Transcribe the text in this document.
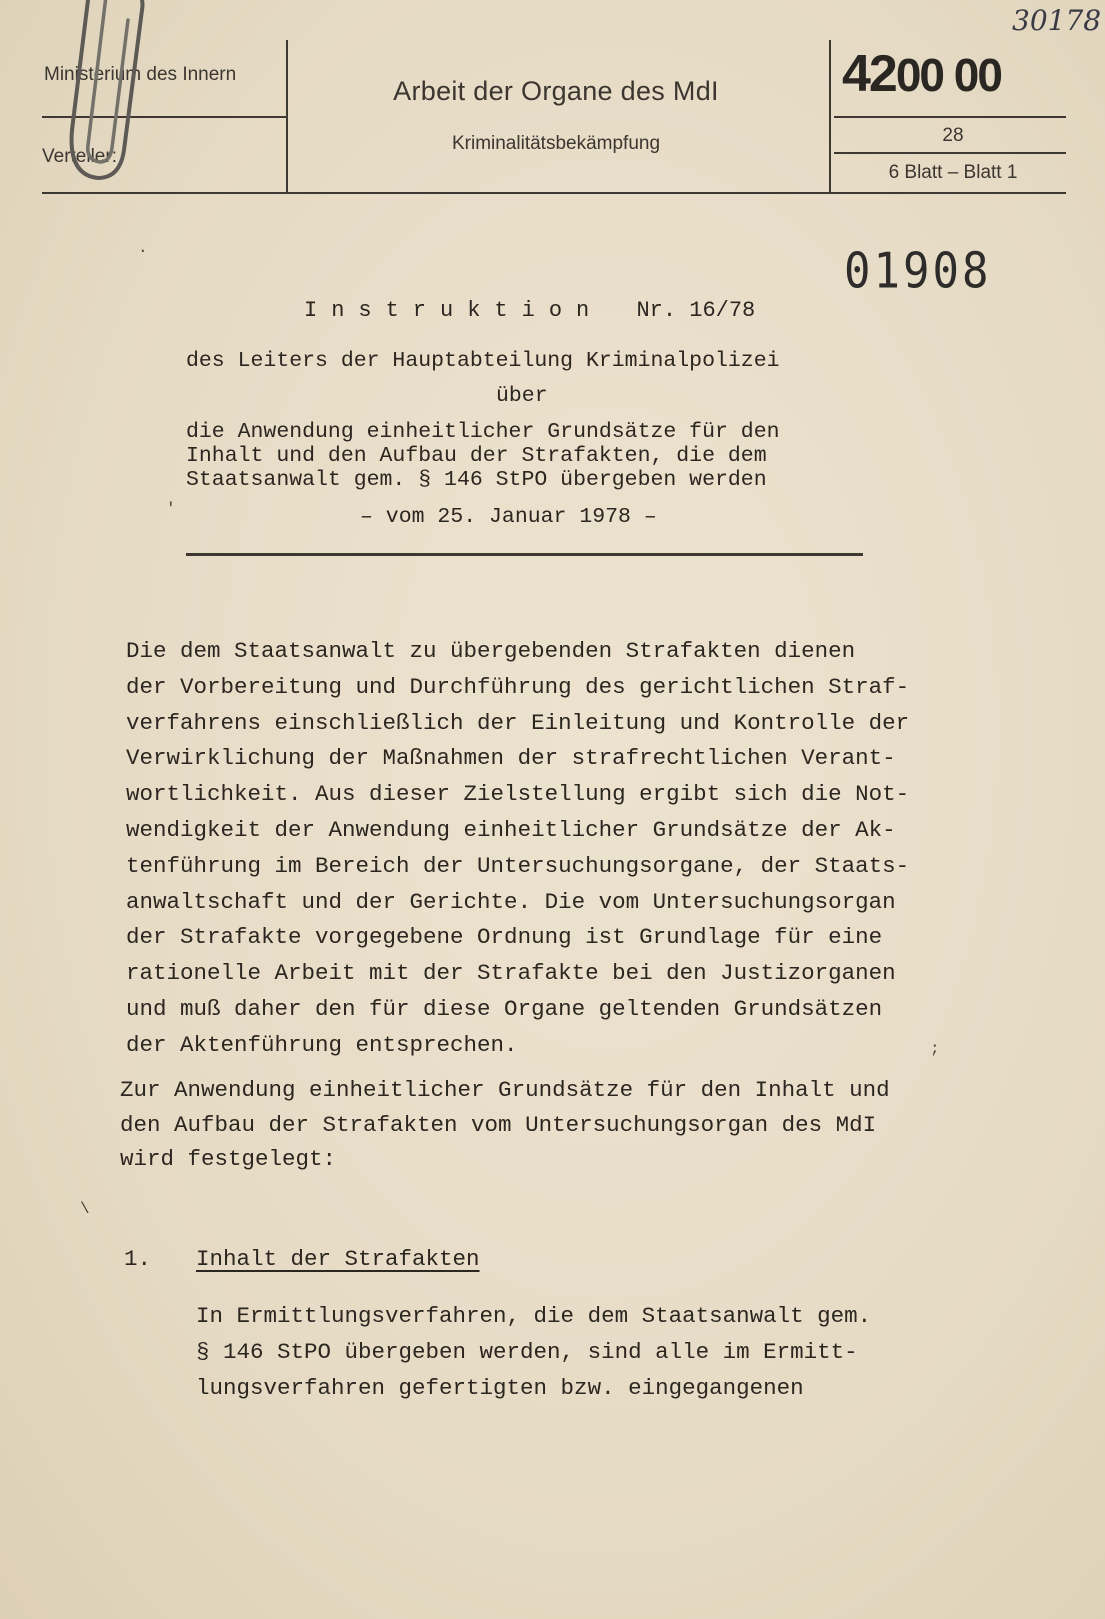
Ministerium des Innern
Verteiler:
Arbeit der Organe des MdI
Kriminalitätsbekämpfung
4200 00
28
6 Blatt – Blatt 1
30178
01908
Instruktion Nr. 16/78
des Leiters der Hauptabteilung Kriminalpolizei
über
die Anwendung einheitlicher Grundsätze für den
Inhalt und den Aufbau der Strafakten, die dem
Staatsanwalt gem. § 146 StPO übergeben werden
– vom 25. Januar 1978 –
Die dem Staatsanwalt zu übergebenden Strafakten dienen
der Vorbereitung und Durchführung des gerichtlichen Straf-
verfahrens einschließlich der Einleitung und Kontrolle der
Verwirklichung der Maßnahmen der strafrechtlichen Verant-
wortlichkeit. Aus dieser Zielstellung ergibt sich die Not-
wendigkeit der Anwendung einheitlicher Grundsätze der Ak-
tenführung im Bereich der Untersuchungsorgane, der Staats-
anwaltschaft und der Gerichte. Die vom Untersuchungsorgan
der Strafakte vorgegebene Ordnung ist Grundlage für eine
rationelle Arbeit mit der Strafakte bei den Justizorganen
und muß daher den für diese Organe geltenden Grundsätzen
der Aktenführung entsprechen.
Zur Anwendung einheitlicher Grundsätze für den Inhalt und
den Aufbau der Strafakten vom Untersuchungsorgan des MdI
wird festgelegt:
1. Inhalt der Strafakten
In Ermittlungsverfahren, die dem Staatsanwalt gem.
§ 146 StPO übergeben werden, sind alle im Ermitt-
lungsverfahren gefertigten bzw. eingegangenen
·
′
\
;
